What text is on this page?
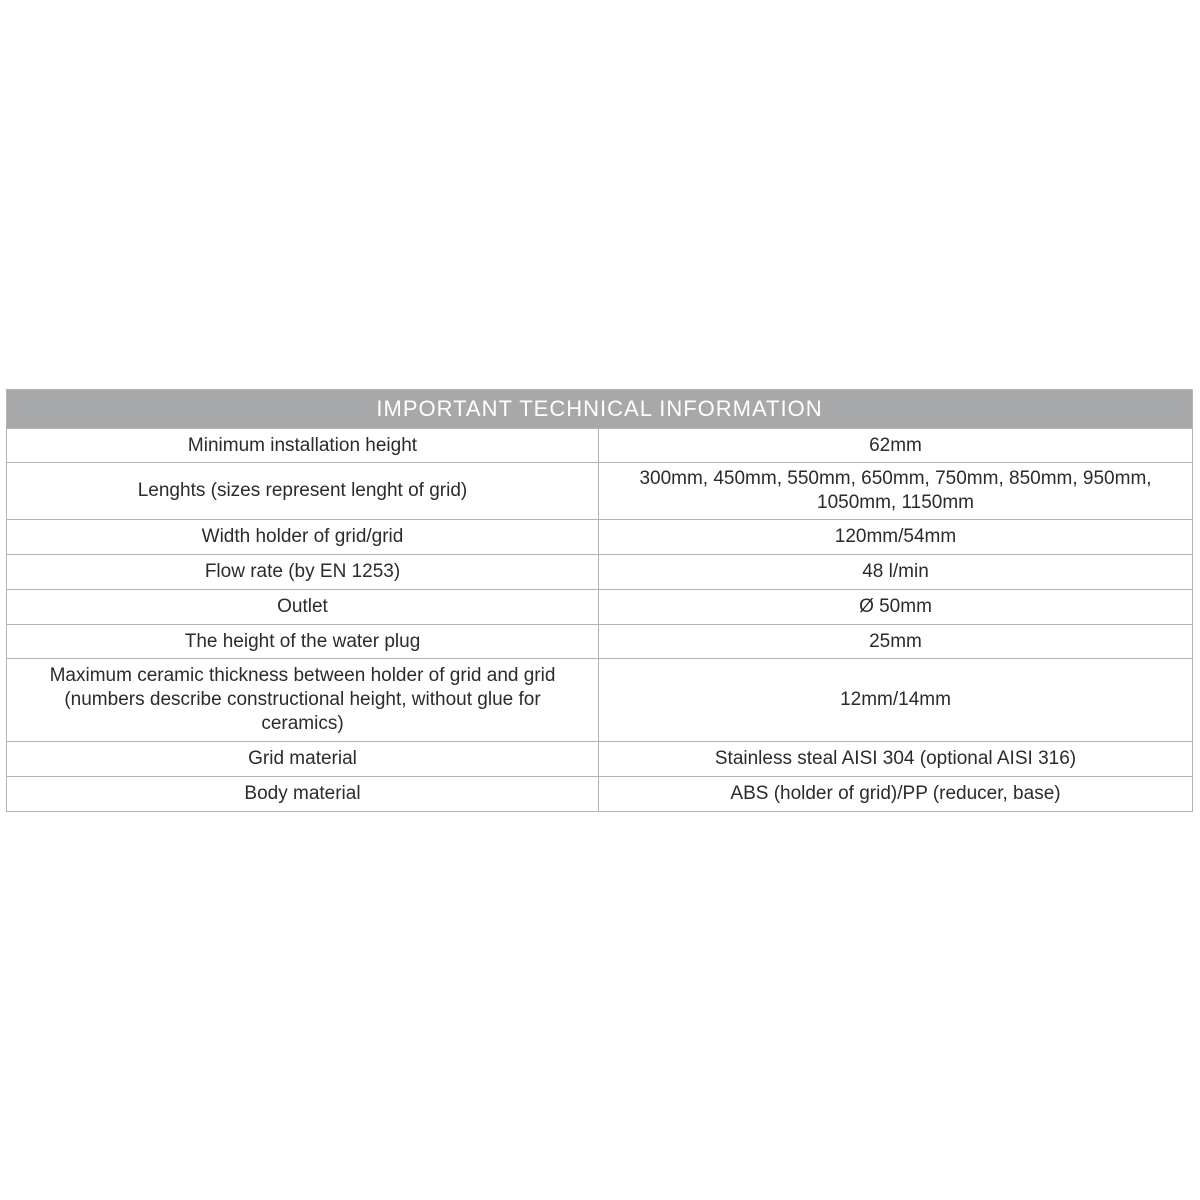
IMPORTANT TECHNICAL INFORMATION	
Minimum installation height	62mm
Lenghts (sizes represent lenght of grid)	300mm, 450mm, 550mm, 650mm, 750mm, 850mm, 950mm, 1050mm, 1150mm
Width holder of grid/grid	120mm/54mm
Flow rate (by EN 1253)	48 l/min
Outlet	Ø 50mm
The height of the water plug	25mm
Maximum ceramic thickness between holder of grid and grid (numbers describe constructional height, without glue for ceramics)	12mm/14mm
Grid material	Stainless steal AISI 304 (optional AISI 316)
Body material	ABS (holder of grid)/PP (reducer, base)
